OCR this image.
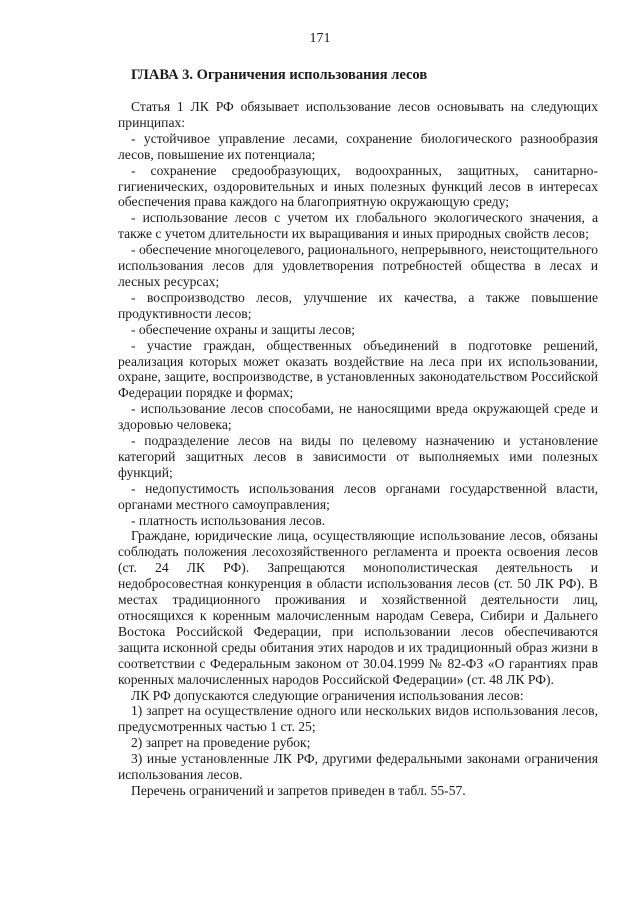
171
ГЛАВА 3. Ограничения использования лесов

Статья 1 ЛК РФ обязывает использование лесов основывать на следующих принципах:

- устойчивое управление лесами, сохранение биологического разнообразия лесов, повышение их потенциала;

- сохранение средообразующих, водоохранных, защитных, санитарно-гигиенических, оздоровительных и иных полезных функций лесов в интересах обеспечения права каждого на благоприятную окружающую среду;

- использование лесов с учетом их глобального экологического значения, а также с учетом длительности их выращивания и иных природных свойств лесов;

- обеспечение многоцелевого, рационального, непрерывного, неистощительного использования лесов для удовлетворения потребностей общества в лесах и лесных ресурсах;

- воспроизводство лесов, улучшение их качества, а также повышение продуктивности лесов;

- обеспечение охраны и защиты лесов;

- участие граждан, общественных объединений в подготовке решений, реализация которых может оказать воздействие на леса при их использовании, охране, защите, воспроизводстве, в установленных законодательством Российской Федерации порядке и формах;

- использование лесов способами, не наносящими вреда окружающей среде и здоровью человека;

- подразделение лесов на виды по целевому назначению и установление категорий защитных лесов в зависимости от выполняемых ими полезных функций;

- недопустимость использования лесов органами государственной власти, органами местного самоуправления;

- платность использования лесов.

Граждане, юридические лица, осуществляющие использование лесов, обязаны соблюдать положения лесохозяйственного регламента и проекта освоения лесов (ст. 24 ЛК РФ). Запрещаются монополистическая деятельность и недобросовестная конкуренция в области использования лесов (ст. 50 ЛК РФ). В местах традиционного проживания и хозяйственной деятельности лиц, относящихся к коренным малочисленным народам Севера, Сибири и Дальнего Востока Российской Федерации, при использовании лесов обеспечиваются защита исконной среды обитания этих народов и их традиционный образ жизни в соответствии с Федеральным законом от 30.04.1999 № 82-ФЗ «О гарантиях прав коренных малочисленных народов Российской Федерации» (ст. 48 ЛК РФ).

ЛК РФ допускаются следующие ограничения использования лесов:

1) запрет на осуществление одного или нескольких видов использования лесов, предусмотренных частью 1 ст. 25;

2) запрет на проведение рубок;

3) иные установленные ЛК РФ, другими федеральными законами ограничения использования лесов.

Перечень ограничений и запретов приведен в табл. 55-57.
